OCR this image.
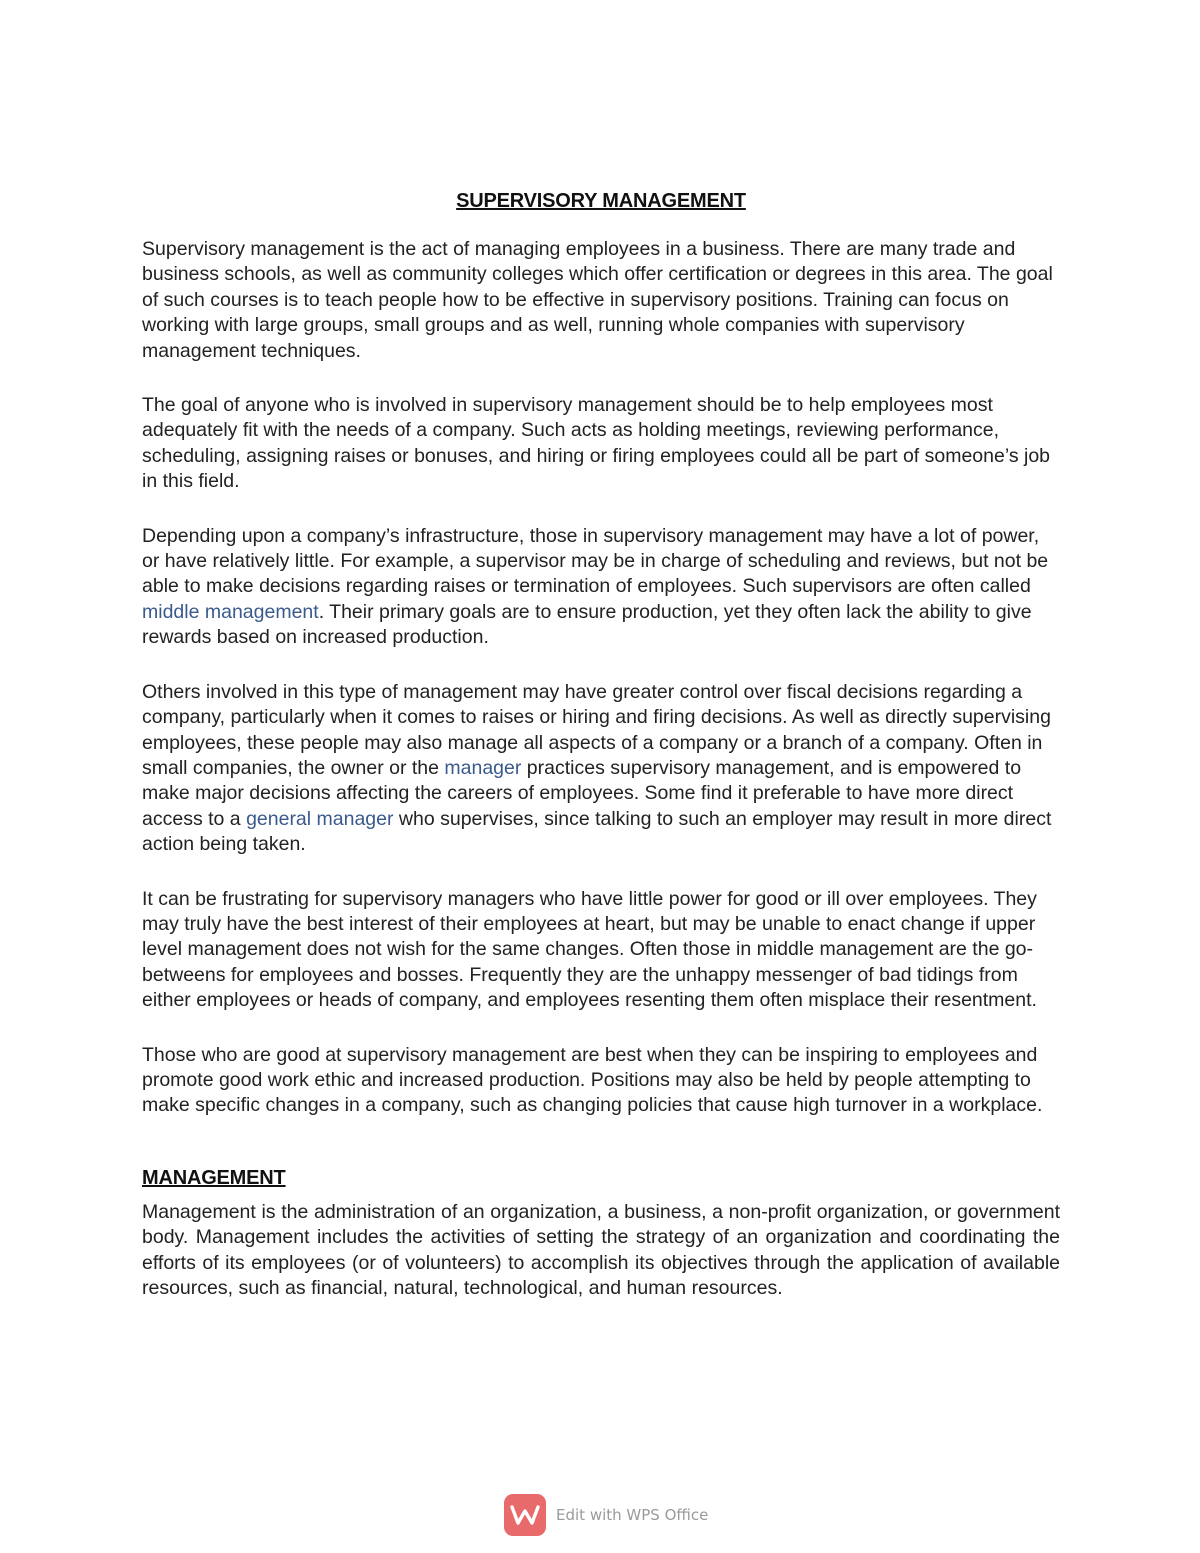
SUPERVISORY MANAGEMENT

Supervisory management is the act of managing employees in a business. There are many trade and business schools, as well as community colleges which offer certification or degrees in this area. The goal of such courses is to teach people how to be effective in supervisory positions. Training can focus on working with large groups, small groups and as well, running whole companies with supervisory management techniques.

The goal of anyone who is involved in supervisory management should be to help employees most adequately fit with the needs of a company. Such acts as holding meetings, reviewing performance, scheduling, assigning raises or bonuses, and hiring or firing employees could all be part of someone’s job in this field.

Depending upon a company’s infrastructure, those in supervisory management may have a lot of power, or have relatively little. For example, a supervisor may be in charge of scheduling and reviews, but not be able to make decisions regarding raises or termination of employees. Such supervisors are often called middle management. Their primary goals are to ensure production, yet they often lack the ability to give rewards based on increased production.

Others involved in this type of management may have greater control over fiscal decisions regarding a company, particularly when it comes to raises or hiring and firing decisions. As well as directly supervising employees, these people may also manage all aspects of a company or a branch of a company. Often in small companies, the owner or the manager practices supervisory management, and is empowered to make major decisions affecting the careers of employees. Some find it preferable to have more direct access to a general manager who supervises, since talking to such an employer may result in more direct action being taken.

It can be frustrating for supervisory managers who have little power for good or ill over employees. They may truly have the best interest of their employees at heart, but may be unable to enact change if upper level management does not wish for the same changes. Often those in middle management are the go-betweens for employees and bosses. Frequently they are the unhappy messenger of bad tidings from either employees or heads of company, and employees resenting them often misplace their resentment.

Those who are good at supervisory management are best when they can be inspiring to employees and promote good work ethic and increased production. Positions may also be held by people attempting to make specific changes in a company, such as changing policies that cause high turnover in a workplace.

MANAGEMENT

Management is the administration of an organization, a business, a non-profit organization, or government body. Management includes the activities of setting the strategy of an organization and coordinating the efforts of its employees (or of volunteers) to accomplish its objectives through the application of available resources, such as financial, natural, technological, and human resources.

Edit with WPS Office
